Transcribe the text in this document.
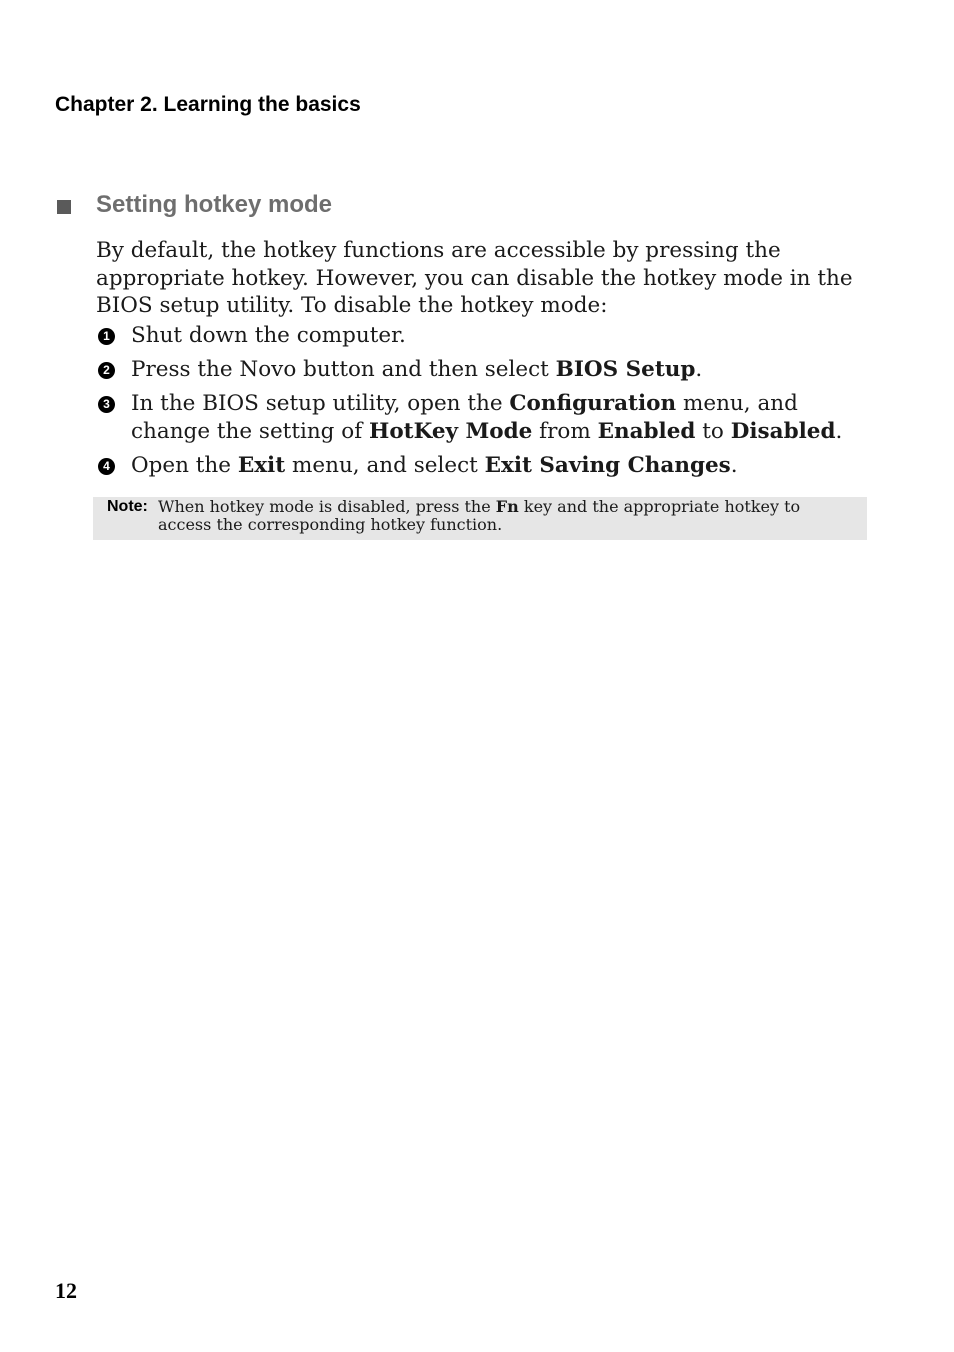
Chapter 2. Learning the basics
Setting hotkey mode
By default, the hotkey functions are accessible by pressing the appropriate hotkey. However, you can disable the hotkey mode in the BIOS setup utility. To disable the hotkey mode:
1 Shut down the computer.
2 Press the Novo button and then select BIOS Setup.
3 In the BIOS setup utility, open the Configuration menu, and change the setting of HotKey Mode from Enabled to Disabled.
4 Open the Exit menu, and select Exit Saving Changes.
Note: When hotkey mode is disabled, press the Fn key and the appropriate hotkey to access the corresponding hotkey function.
12
